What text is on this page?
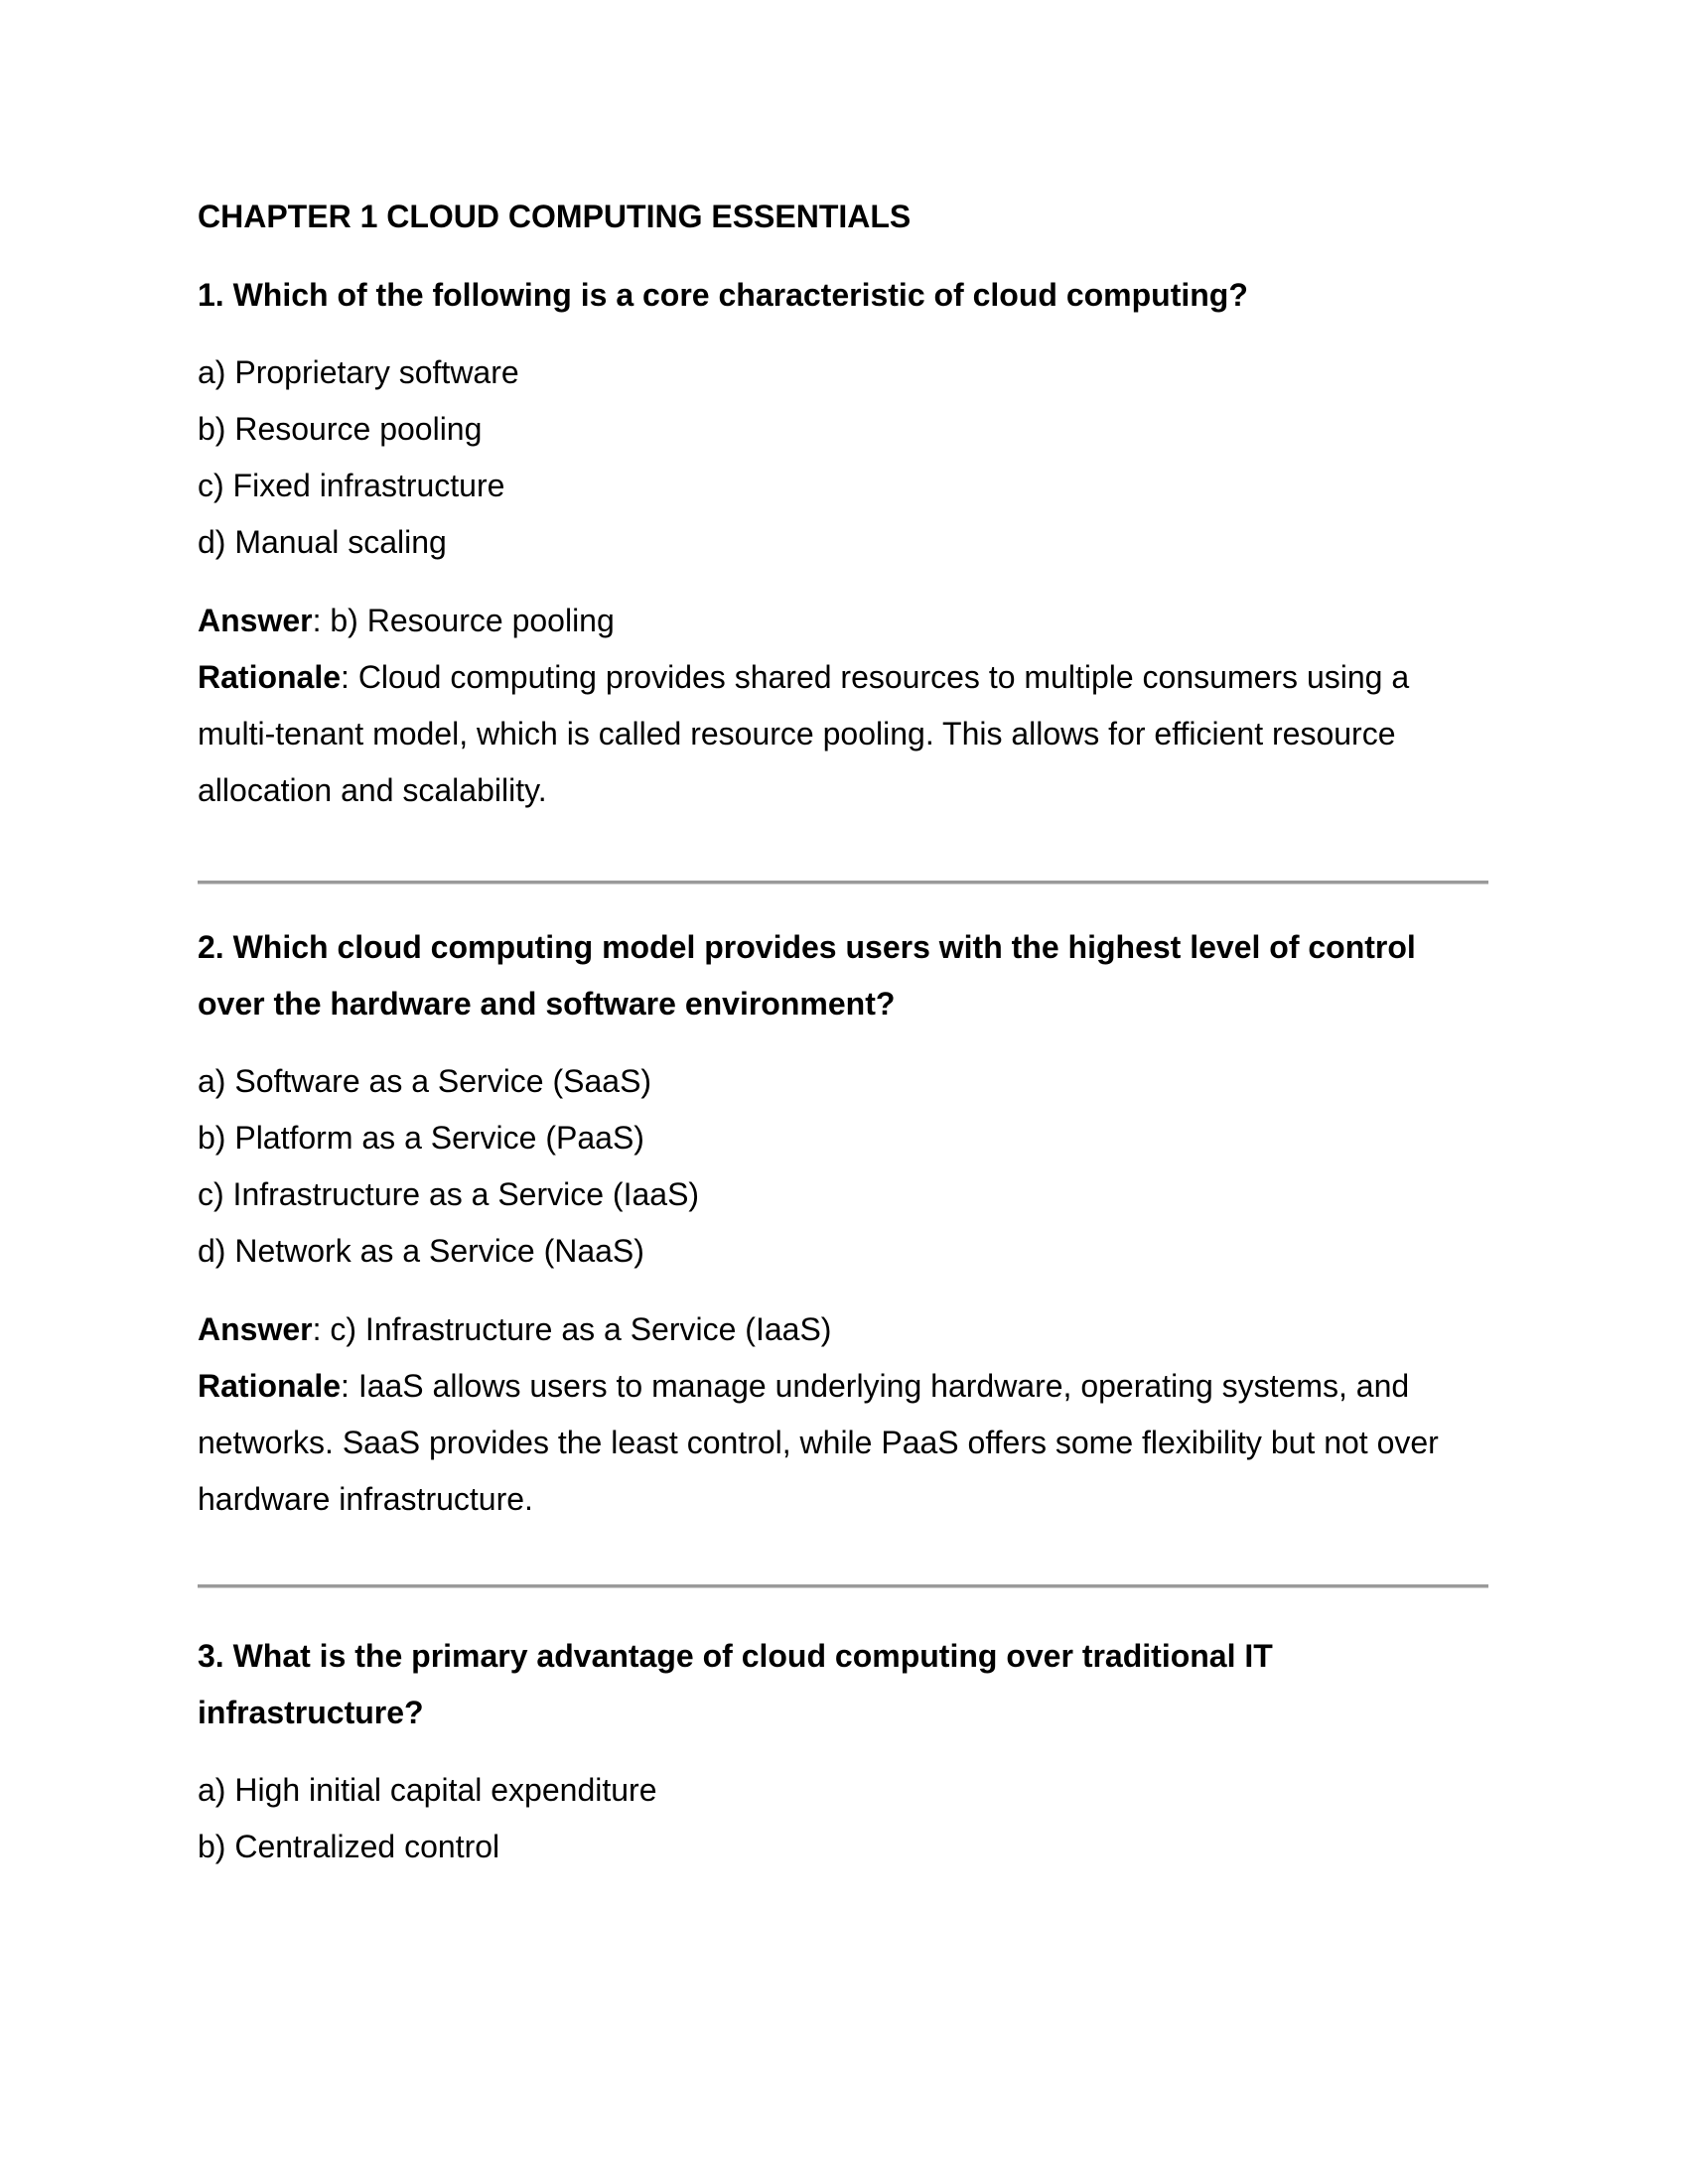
CHAPTER 1 CLOUD COMPUTING ESSENTIALS
1. Which of the following is a core characteristic of cloud computing?
a) Proprietary software
b) Resource pooling
c) Fixed infrastructure
d) Manual scaling
Answer: b) Resource pooling
Rationale: Cloud computing provides shared resources to multiple consumers using a multi-tenant model, which is called resource pooling. This allows for efficient resource allocation and scalability.
2. Which cloud computing model provides users with the highest level of control over the hardware and software environment?
a) Software as a Service (SaaS)
b) Platform as a Service (PaaS)
c) Infrastructure as a Service (IaaS)
d) Network as a Service (NaaS)
Answer: c) Infrastructure as a Service (IaaS)
Rationale: IaaS allows users to manage underlying hardware, operating systems, and networks. SaaS provides the least control, while PaaS offers some flexibility but not over hardware infrastructure.
3. What is the primary advantage of cloud computing over traditional IT infrastructure?
a) High initial capital expenditure
b) Centralized control
